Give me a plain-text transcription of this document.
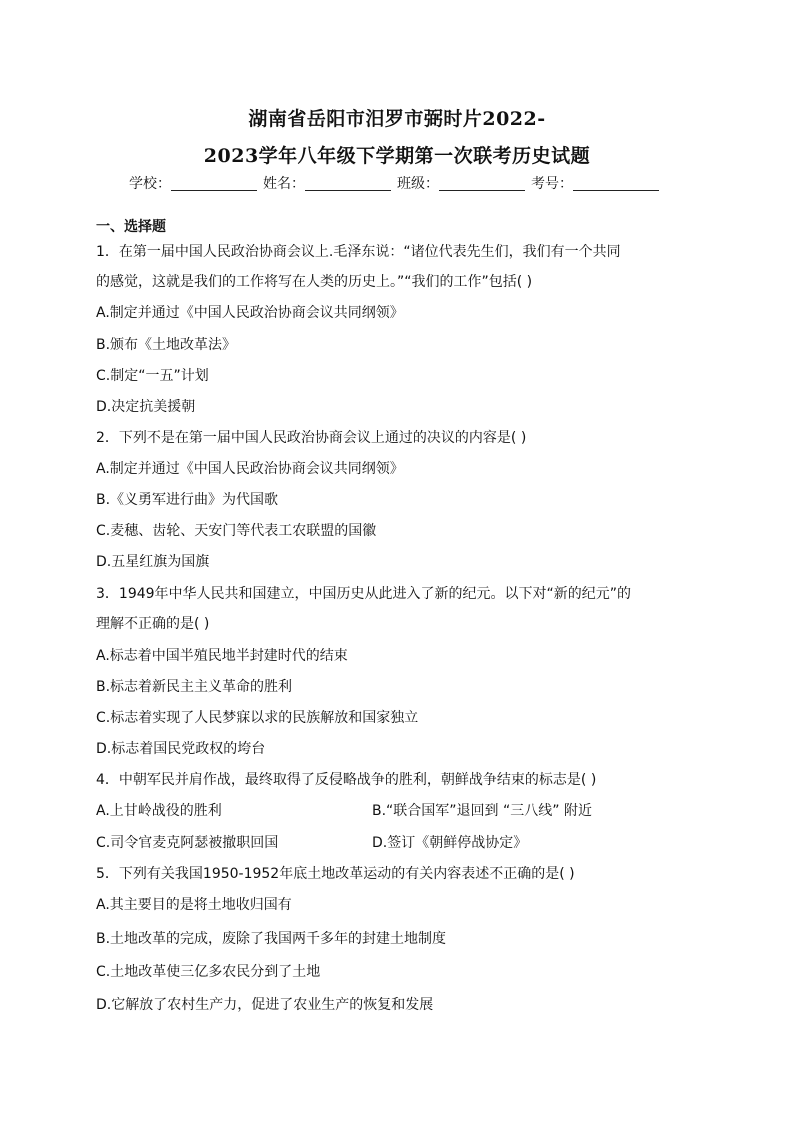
湖南省岳阳市汨罗市弼时片2022-
2023学年八年级下学期第一次联考历史试题
学校：	姓名：	班级：	考号：
一、选择题
1．在第一届中国人民政治协商会议上.毛泽东说：“诸位代表先生们，我们有一个共同
的感觉，这就是我们的工作将写在人类的历史上。”“我们的工作”包括( )
A.制定并通过《中国人民政治协商会议共同纲领》
B.颁布《土地改革法》
C.制定“一五”计划
D.决定抗美援朝
2．下列不是在第一届中国人民政治协商会议上通过的决议的内容是( )
A.制定并通过《中国人民政治协商会议共同纲领》
B.《义勇军进行曲》为代国歌
C.麦穗、齿轮、天安门等代表工农联盟的国徽
D.五星红旗为国旗
3．1949年中华人民共和国建立，中国历史从此进入了新的纪元。以下对“新的纪元”的
理解不正确的是( )
A.标志着中国半殖民地半封建时代的结束
B.标志着新民主主义革命的胜利
C.标志着实现了人民梦寐以求的民族解放和国家独立
D.标志着国民党政权的垮台
4．中朝军民并肩作战，最终取得了反侵略战争的胜利，朝鲜战争结束的标志是( )
A.上甘岭战役的胜利	B.“联合国军”退回到 “三八线” 附近
C.司令官麦克阿瑟被撤职回国	D.签订《朝鲜停战协定》
5．下列有关我国1950-1952年底土地改革运动的有关内容表述不正确的是( )
A.其主要目的是将土地收归国有
B.土地改革的完成，废除了我国两千多年的封建土地制度
C.土地改革使三亿多农民分到了土地
D.它解放了农村生产力，促进了农业生产的恢复和发展
